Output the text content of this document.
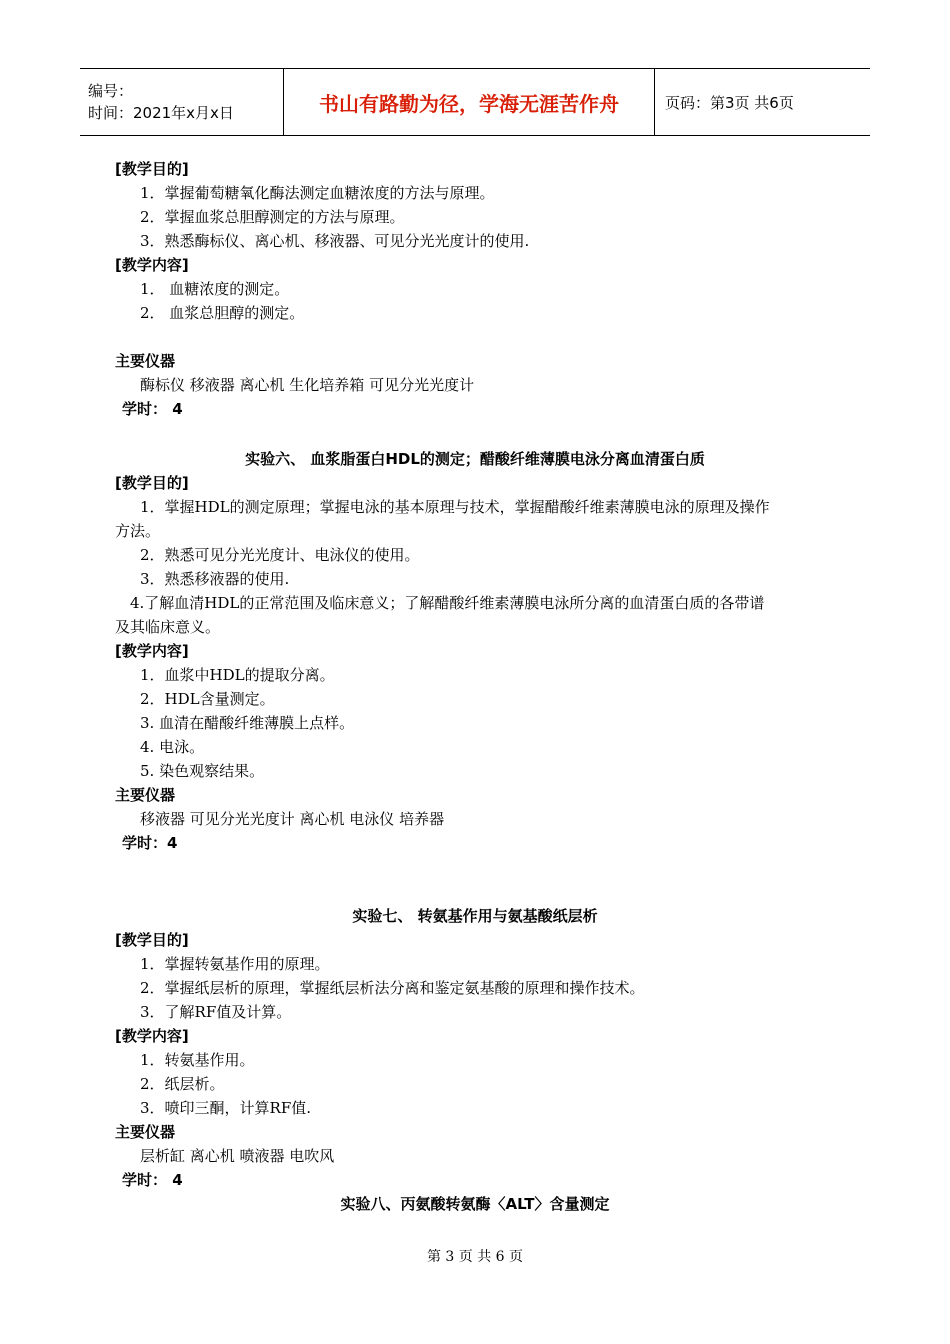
编号：
时间：2021年x月x日	书山有路勤为径，学海无涯苦作舟	页码：第3页 共6页
[教学目的]
1．掌握葡萄糖氧化酶法测定血糖浓度的方法与原理。
2．掌握血浆总胆醇测定的方法与原理。
3．熟悉酶标仪、离心机、移液器、可见分光光度计的使用.
[教学内容]
1． 血糖浓度的测定。
2． 血浆总胆醇的测定。
主要仪器
酶标仪 移液器 离心机 生化培养箱 可见分光光度计
学时： 4
实验六、 血浆脂蛋白HDL的测定；醋酸纤维薄膜电泳分离血清蛋白质
[教学目的]
1．掌握HDL的测定原理；掌握电泳的基本原理与技术，掌握醋酸纤维素薄膜电泳的原理及操作
方法。
2．熟悉可见分光光度计、电泳仪的使用。
3．熟悉移液器的使用.
4.了解血清HDL的正常范围及临床意义；了解醋酸纤维素薄膜电泳所分离的血清蛋白质的各带谱
及其临床意义。
[教学内容]
1．血浆中HDL的提取分离。
2．HDL含量测定。
3. 血清在醋酸纤维薄膜上点样。
4. 电泳。
5. 染色观察结果。
主要仪器
移液器 可见分光光度计 离心机 电泳仪 培养器
学时：4
实验七、 转氨基作用与氨基酸纸层析
[教学目的]
1．掌握转氨基作用的原理。
2．掌握纸层析的原理，掌握纸层析法分离和鉴定氨基酸的原理和操作技术。
3．了解RF值及计算。
[教学内容]
1．转氨基作用。
2．纸层析。
3．喷印三酮，计算RF值.
主要仪器
层析缸 离心机 喷液器 电吹风
学时： 4
实验八、丙氨酸转氨酶〈ALT〉含量测定
第 3 页 共 6 页
